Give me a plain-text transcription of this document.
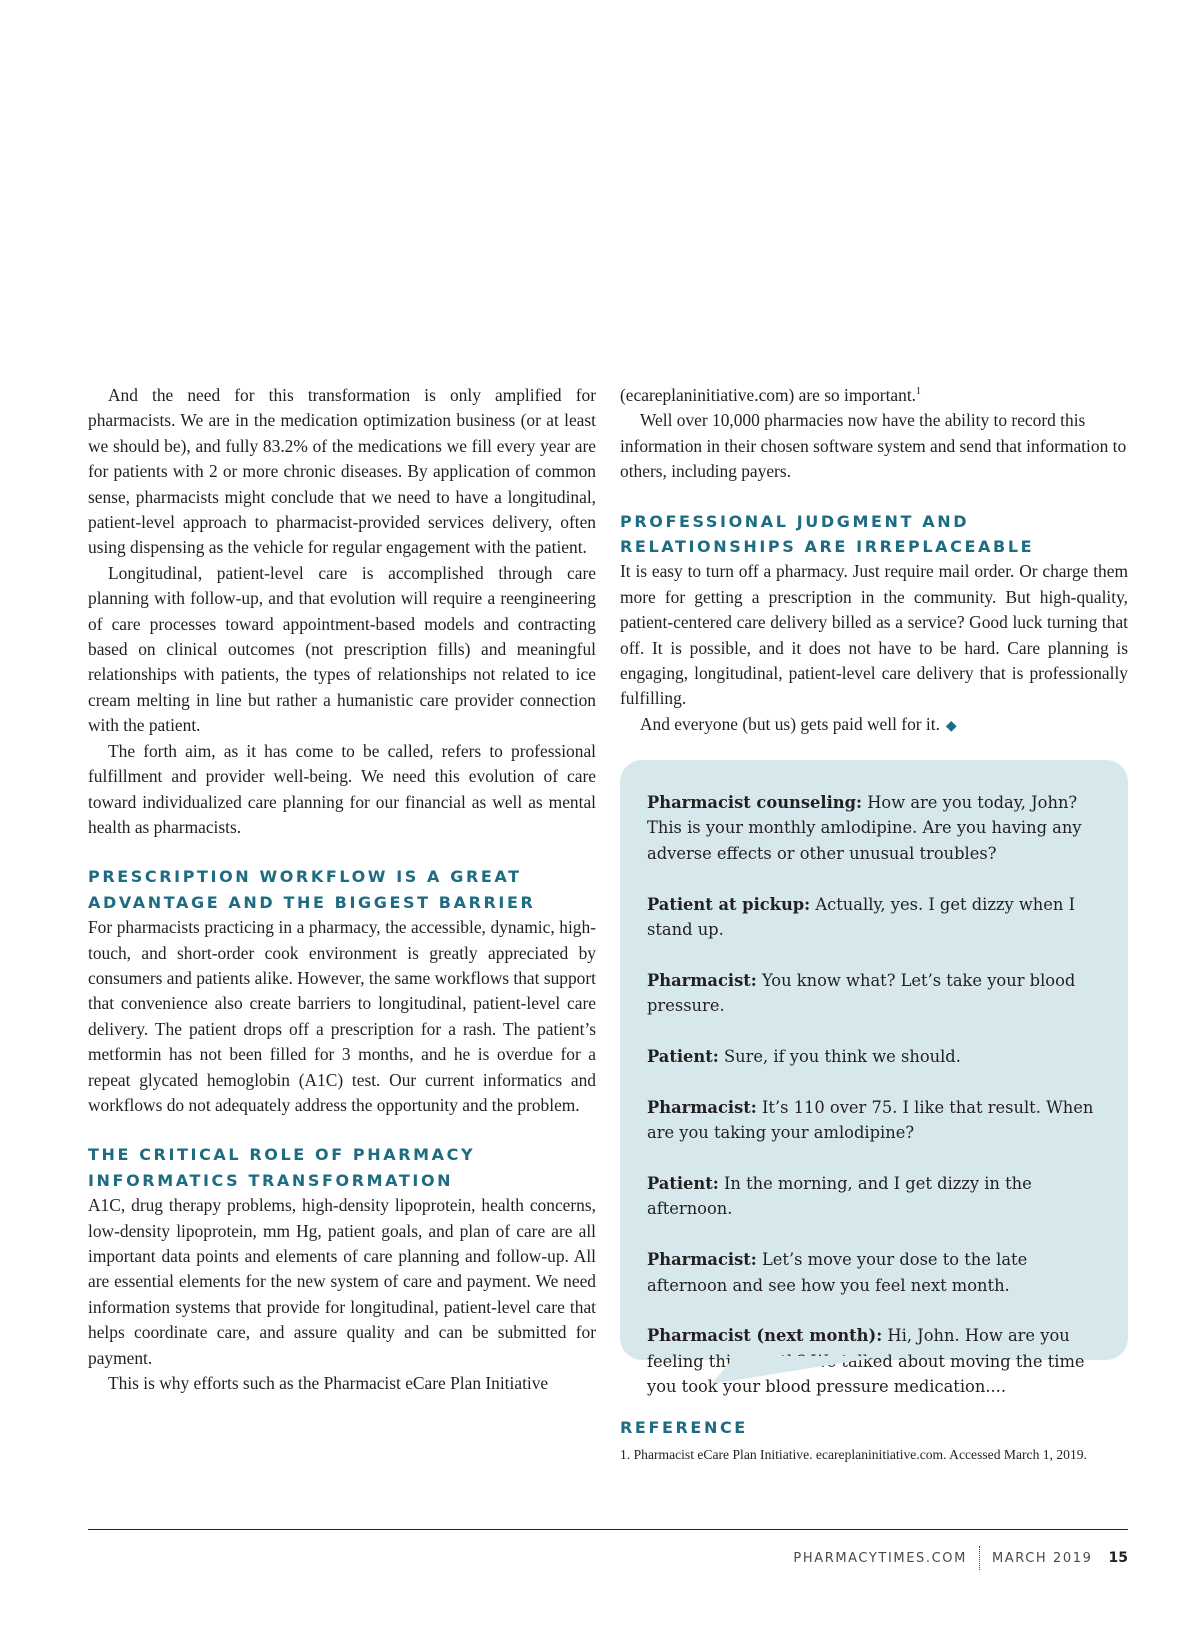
And the need for this transformation is only amplified for pharmacists. We are in the medication optimization business (or at least we should be), and fully 83.2% of the medications we fill every year are for patients with 2 or more chronic diseases. By application of common sense, pharmacists might conclude that we need to have a longitudinal, patient-level approach to pharmacist-provided services delivery, often using dispensing as the vehicle for regular engagement with the patient.

Longitudinal, patient-level care is accomplished through care planning with follow-up, and that evolution will require a reengineering of care processes toward appointment-based models and contracting based on clinical outcomes (not prescription fills) and meaningful relationships with patients, the types of relationships not related to ice cream melting in line but rather a humanistic care provider connection with the patient.

The forth aim, as it has come to be called, refers to professional fulfillment and provider well-being. We need this evolution of care toward individualized care planning for our financial as well as mental health as pharmacists.

PRESCRIPTION WORKFLOW IS A GREAT ADVANTAGE AND THE BIGGEST BARRIER

For pharmacists practicing in a pharmacy, the accessible, dynamic, high-touch, and short-order cook environment is greatly appreciated by consumers and patients alike. However, the same workflows that support that convenience also create barriers to longitudinal, patient-level care delivery. The patient drops off a prescription for a rash. The patient’s metformin has not been filled for 3 months, and he is overdue for a repeat glycated hemoglobin (A1C) test. Our current informatics and workflows do not adequately address the opportunity and the problem.

THE CRITICAL ROLE OF PHARMACY INFORMATICS TRANSFORMATION

A1C, drug therapy problems, high-density lipoprotein, health concerns, low-density lipoprotein, mm Hg, patient goals, and plan of care are all important data points and elements of care planning and follow-up. All are essential elements for the new system of care and payment. We need information systems that provide for longitudinal, patient-level care that helps coordinate care, and assure quality and can be submitted for payment.

This is why efforts such as the Pharmacist eCare Plan Initiative

(ecareplaninitiative.com) are so important.$^1$

Well over 10,000 pharmacies now have the ability to record this information in their chosen software system and send that information to others, including payers.

PROFESSIONAL JUDGMENT AND RELATIONSHIPS ARE IRREPLACEABLE

It is easy to turn off a pharmacy. Just require mail order. Or charge them more for getting a prescription in the community. But high-quality, patient-centered care delivery billed as a service? Good luck turning that off. It is possible, and it does not have to be hard. Care planning is engaging, longitudinal, patient-level care delivery that is professionally fulfilling.

And everyone (but us) gets paid well for it. ◆

Pharmacist counseling: How are you today, John? This is your monthly amlodipine. Are you having any adverse effects or other unusual troubles?

Patient at pickup: Actually, yes. I get dizzy when I stand up.

Pharmacist: You know what? Let’s take your blood pressure.

Patient: Sure, if you think we should.

Pharmacist: It’s 110 over 75. I like that result. When are you taking your amlodipine?

Patient: In the morning, and I get dizzy in the afternoon.

Pharmacist: Let’s move your dose to the late afternoon and see how you feel next month.

Pharmacist (next month): Hi, John. How are you feeling this month? We talked about moving the time you took your blood pressure medication....

REFERENCE

1. Pharmacist eCare Plan Initiative. ecareplaninitiative.com. Accessed March 1, 2019.

PHARMACYTIMES.COM MARCH 2019 15
